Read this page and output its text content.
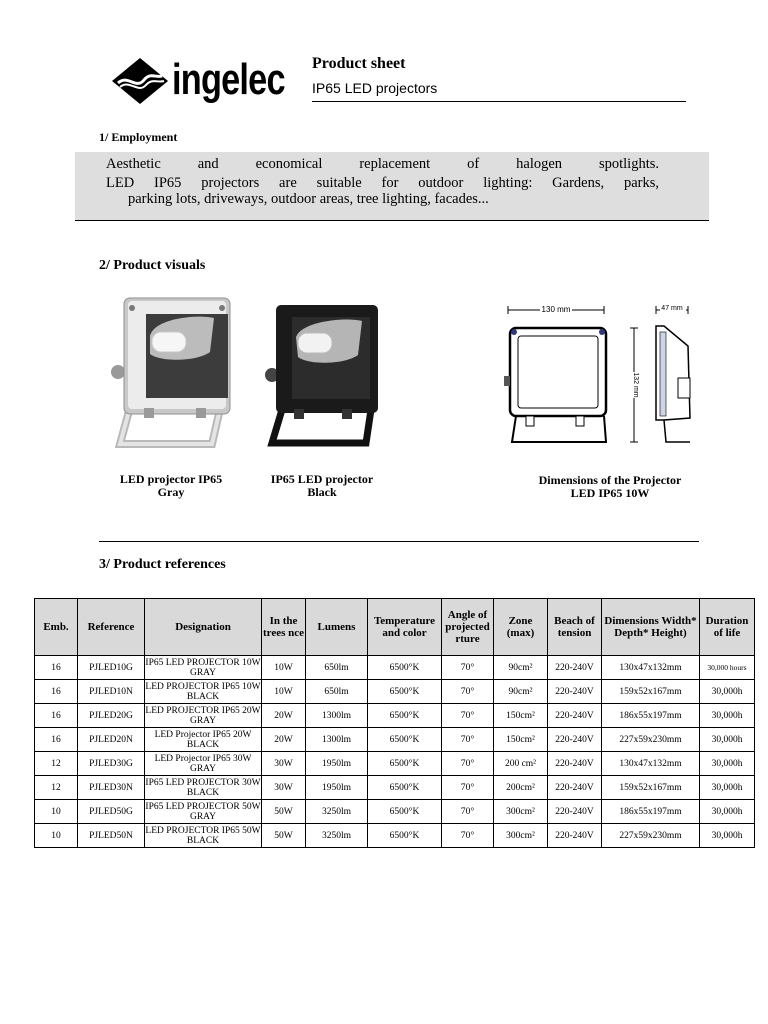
ingelec Product sheet
IP65 LED projectors
1/ Employment
Aesthetic and economical replacement of halogen spotlights.
LED IP65 projectors are suitable for outdoor lighting: Gardens, parks,
parking lots, driveways, outdoor areas, tree lighting, facades...
2/ Product visuals
130 mm
132 mm
47 mm
LED projector IP65
Gray
IP65 LED projector
Black
Dimensions of the Projector
LED IP65 10W
3/ Product references
Emb.	Reference	Designation	In the trees nce	Lumens	Temperature and color	Angle of projected rture	Zone (max)	Beach of tension	Dimensions Width* Depth* Height)	Duration of life
16	PJLED10G	IP65 LED PROJECTOR 10W GRAY	10W	650lm	6500°K	70°	90cm²	220-240V	130x47x132mm	30,000 hours
16	PJLED10N	LED PROJECTOR IP65 10W BLACK	10W	650lm	6500°K	70°	90cm²	220-240V	159x52x167mm	30,000h
16	PJLED20G	LED PROJECTOR IP65 20W GRAY	20W	1300lm	6500°K	70°	150cm²	220-240V	186x55x197mm	30,000h
16	PJLED20N	LED Projector IP65 20W BLACK	20W	1300lm	6500°K	70°	150cm²	220-240V	227x59x230mm	30,000h
12	PJLED30G	LED Projector IP65 30W GRAY	30W	1950lm	6500°K	70°	200 cm²	220-240V	130x47x132mm	30,000h
12	PJLED30N	IP65 LED PROJECTOR 30W BLACK	30W	1950lm	6500°K	70°	200cm²	220-240V	159x52x167mm	30,000h
10	PJLED50G	IP65 LED PROJECTOR 50W GRAY	50W	3250lm	6500°K	70°	300cm²	220-240V	186x55x197mm	30,000h
10	PJLED50N	LED PROJECTOR IP65 50W BLACK	50W	3250lm	6500°K	70°	300cm²	220-240V	227x59x230mm	30,000h
